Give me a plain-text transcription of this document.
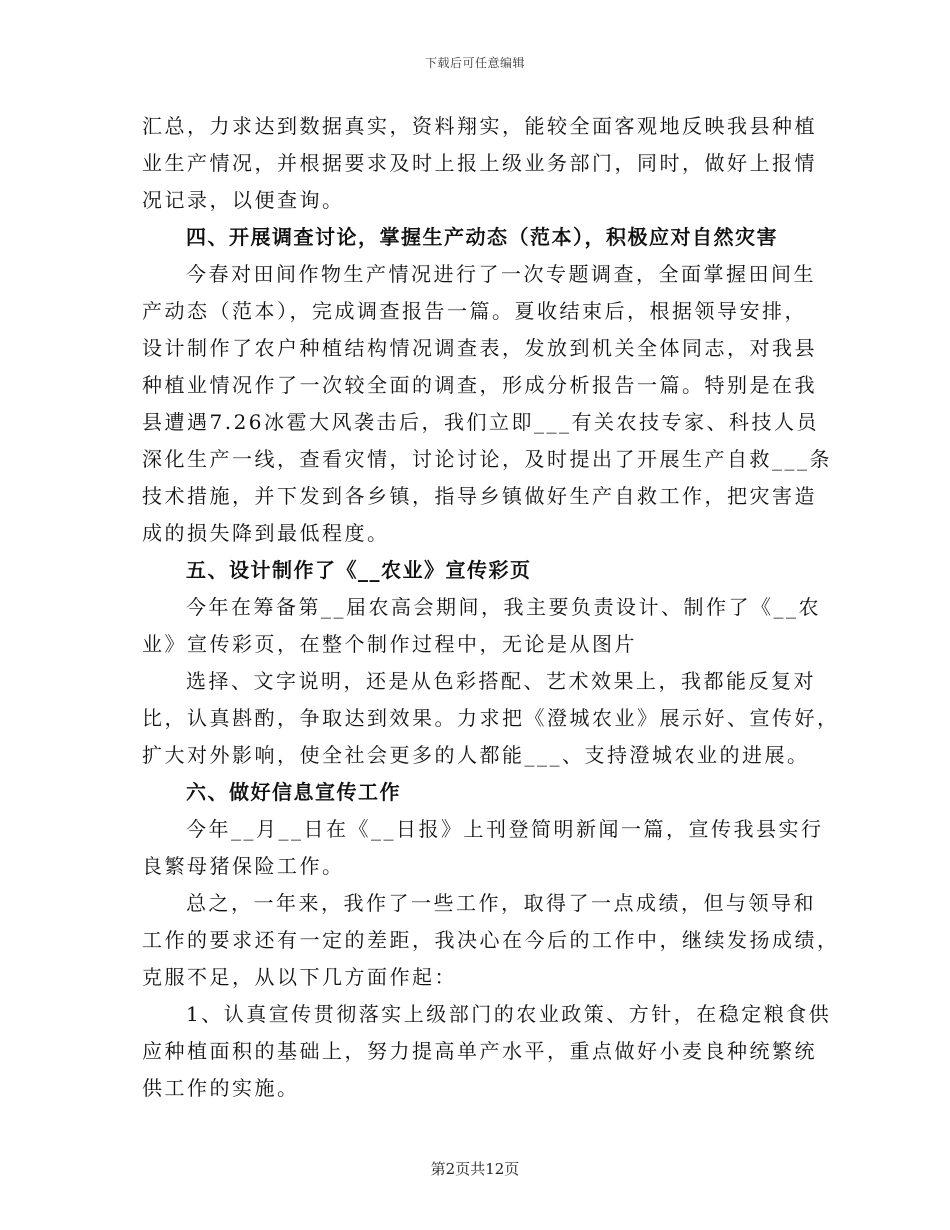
下载后可任意编辑

汇总，力求达到数据真实，资料翔实，能较全面客观地反映我县种植
业生产情况，并根据要求及时上报上级业务部门，同时，做好上报情
况记录，以便查询。

四、开展调查讨论，掌握生产动态（范本），积极应对自然灾害

今春对田间作物生产情况进行了一次专题调查，全面掌握田间生
产动态（范本），完成调查报告一篇。夏收结束后，根据领导安排，
设计制作了农户种植结构情况调查表，发放到机关全体同志，对我县
种植业情况作了一次较全面的调查，形成分析报告一篇。特别是在我
县遭遇7.26冰雹大风袭击后，我们立即___有关农技专家、科技人员
深化生产一线，查看灾情，讨论讨论，及时提出了开展生产自救___条
技术措施，并下发到各乡镇，指导乡镇做好生产自救工作，把灾害造
成的损失降到最低程度。

五、设计制作了《__农业》宣传彩页

今年在筹备第__届农高会期间，我主要负责设计、制作了《__农
业》宣传彩页，在整个制作过程中，无论是从图片

选择、文字说明，还是从色彩搭配、艺术效果上，我都能反复对
比，认真斟酌，争取达到效果。力求把《澄城农业》展示好、宣传好，
扩大对外影响，使全社会更多的人都能___、支持澄城农业的进展。

六、做好信息宣传工作

今年__月__日在《__日报》上刊登简明新闻一篇，宣传我县实行
良繁母猪保险工作。

总之，一年来，我作了一些工作，取得了一点成绩，但与领导和
工作的要求还有一定的差距，我决心在今后的工作中，继续发扬成绩，
克服不足，从以下几方面作起：

1、认真宣传贯彻落实上级部门的农业政策、方针，在稳定粮食供
应种植面积的基础上，努力提高单产水平，重点做好小麦良种统繁统
供工作的实施。

第2页共12页
